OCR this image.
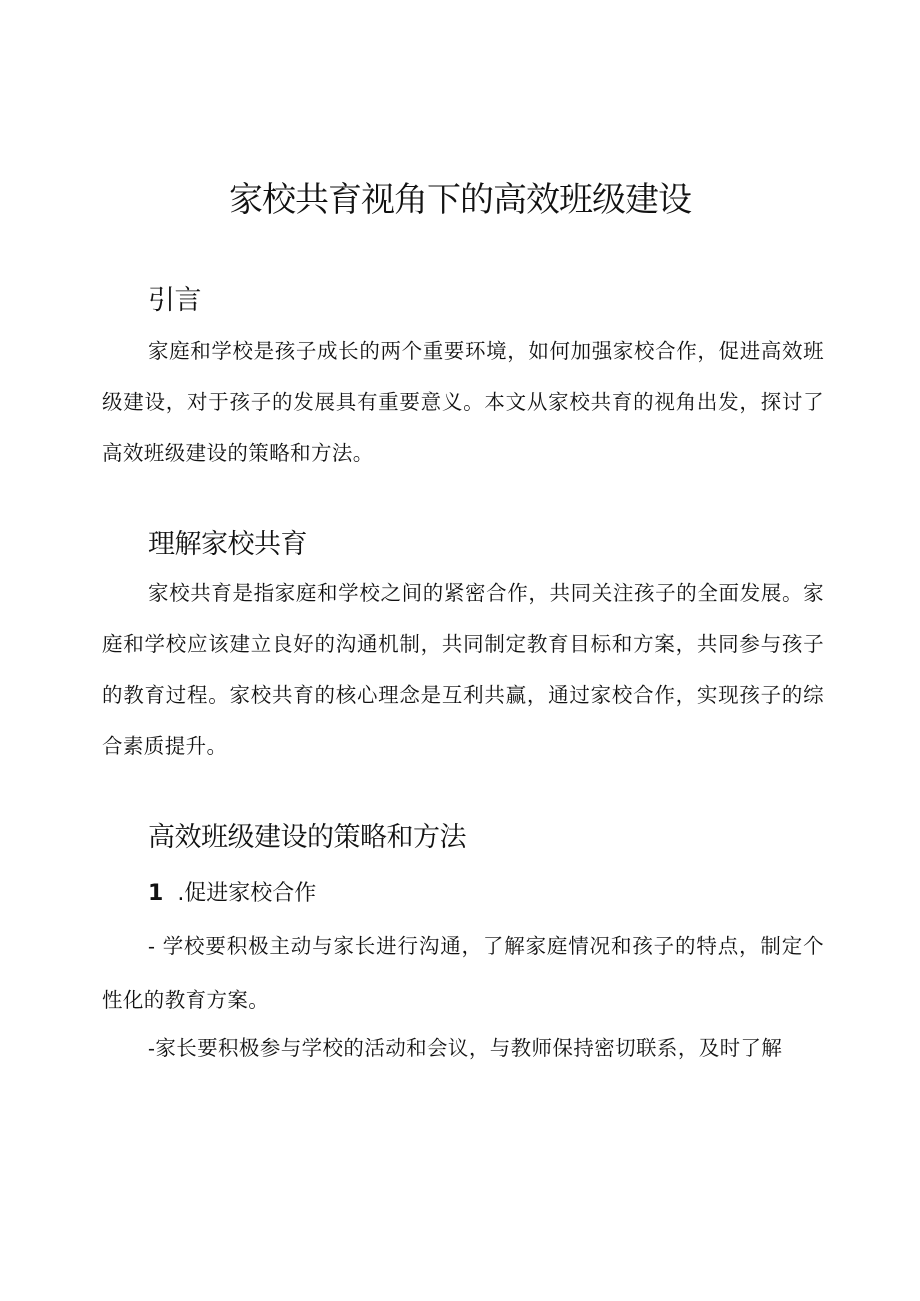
家校共育视角下的高效班级建设
引言

家庭和学校是孩子成长的两个重要环境，如何加强家校合作，促进高效班级建设，对于孩子的发展具有重要意义。本文从家校共育的视角出发，探讨了高效班级建设的策略和方法。

理解家校共育

家校共育是指家庭和学校之间的紧密合作，共同关注孩子的全面发展。家庭和学校应该建立良好的沟通机制，共同制定教育目标和方案，共同参与孩子的教育过程。家校共育的核心理念是互利共赢，通过家校合作，实现孩子的综合素质提升。

高效班级建设的策略和方法
1 .促进家校合作

- 学校要积极主动与家长进行沟通，了解家庭情况和孩子的特点，制定个性化的教育方案。

-家长要积极参与学校的活动和会议，与教师保持密切联系，及时了解
